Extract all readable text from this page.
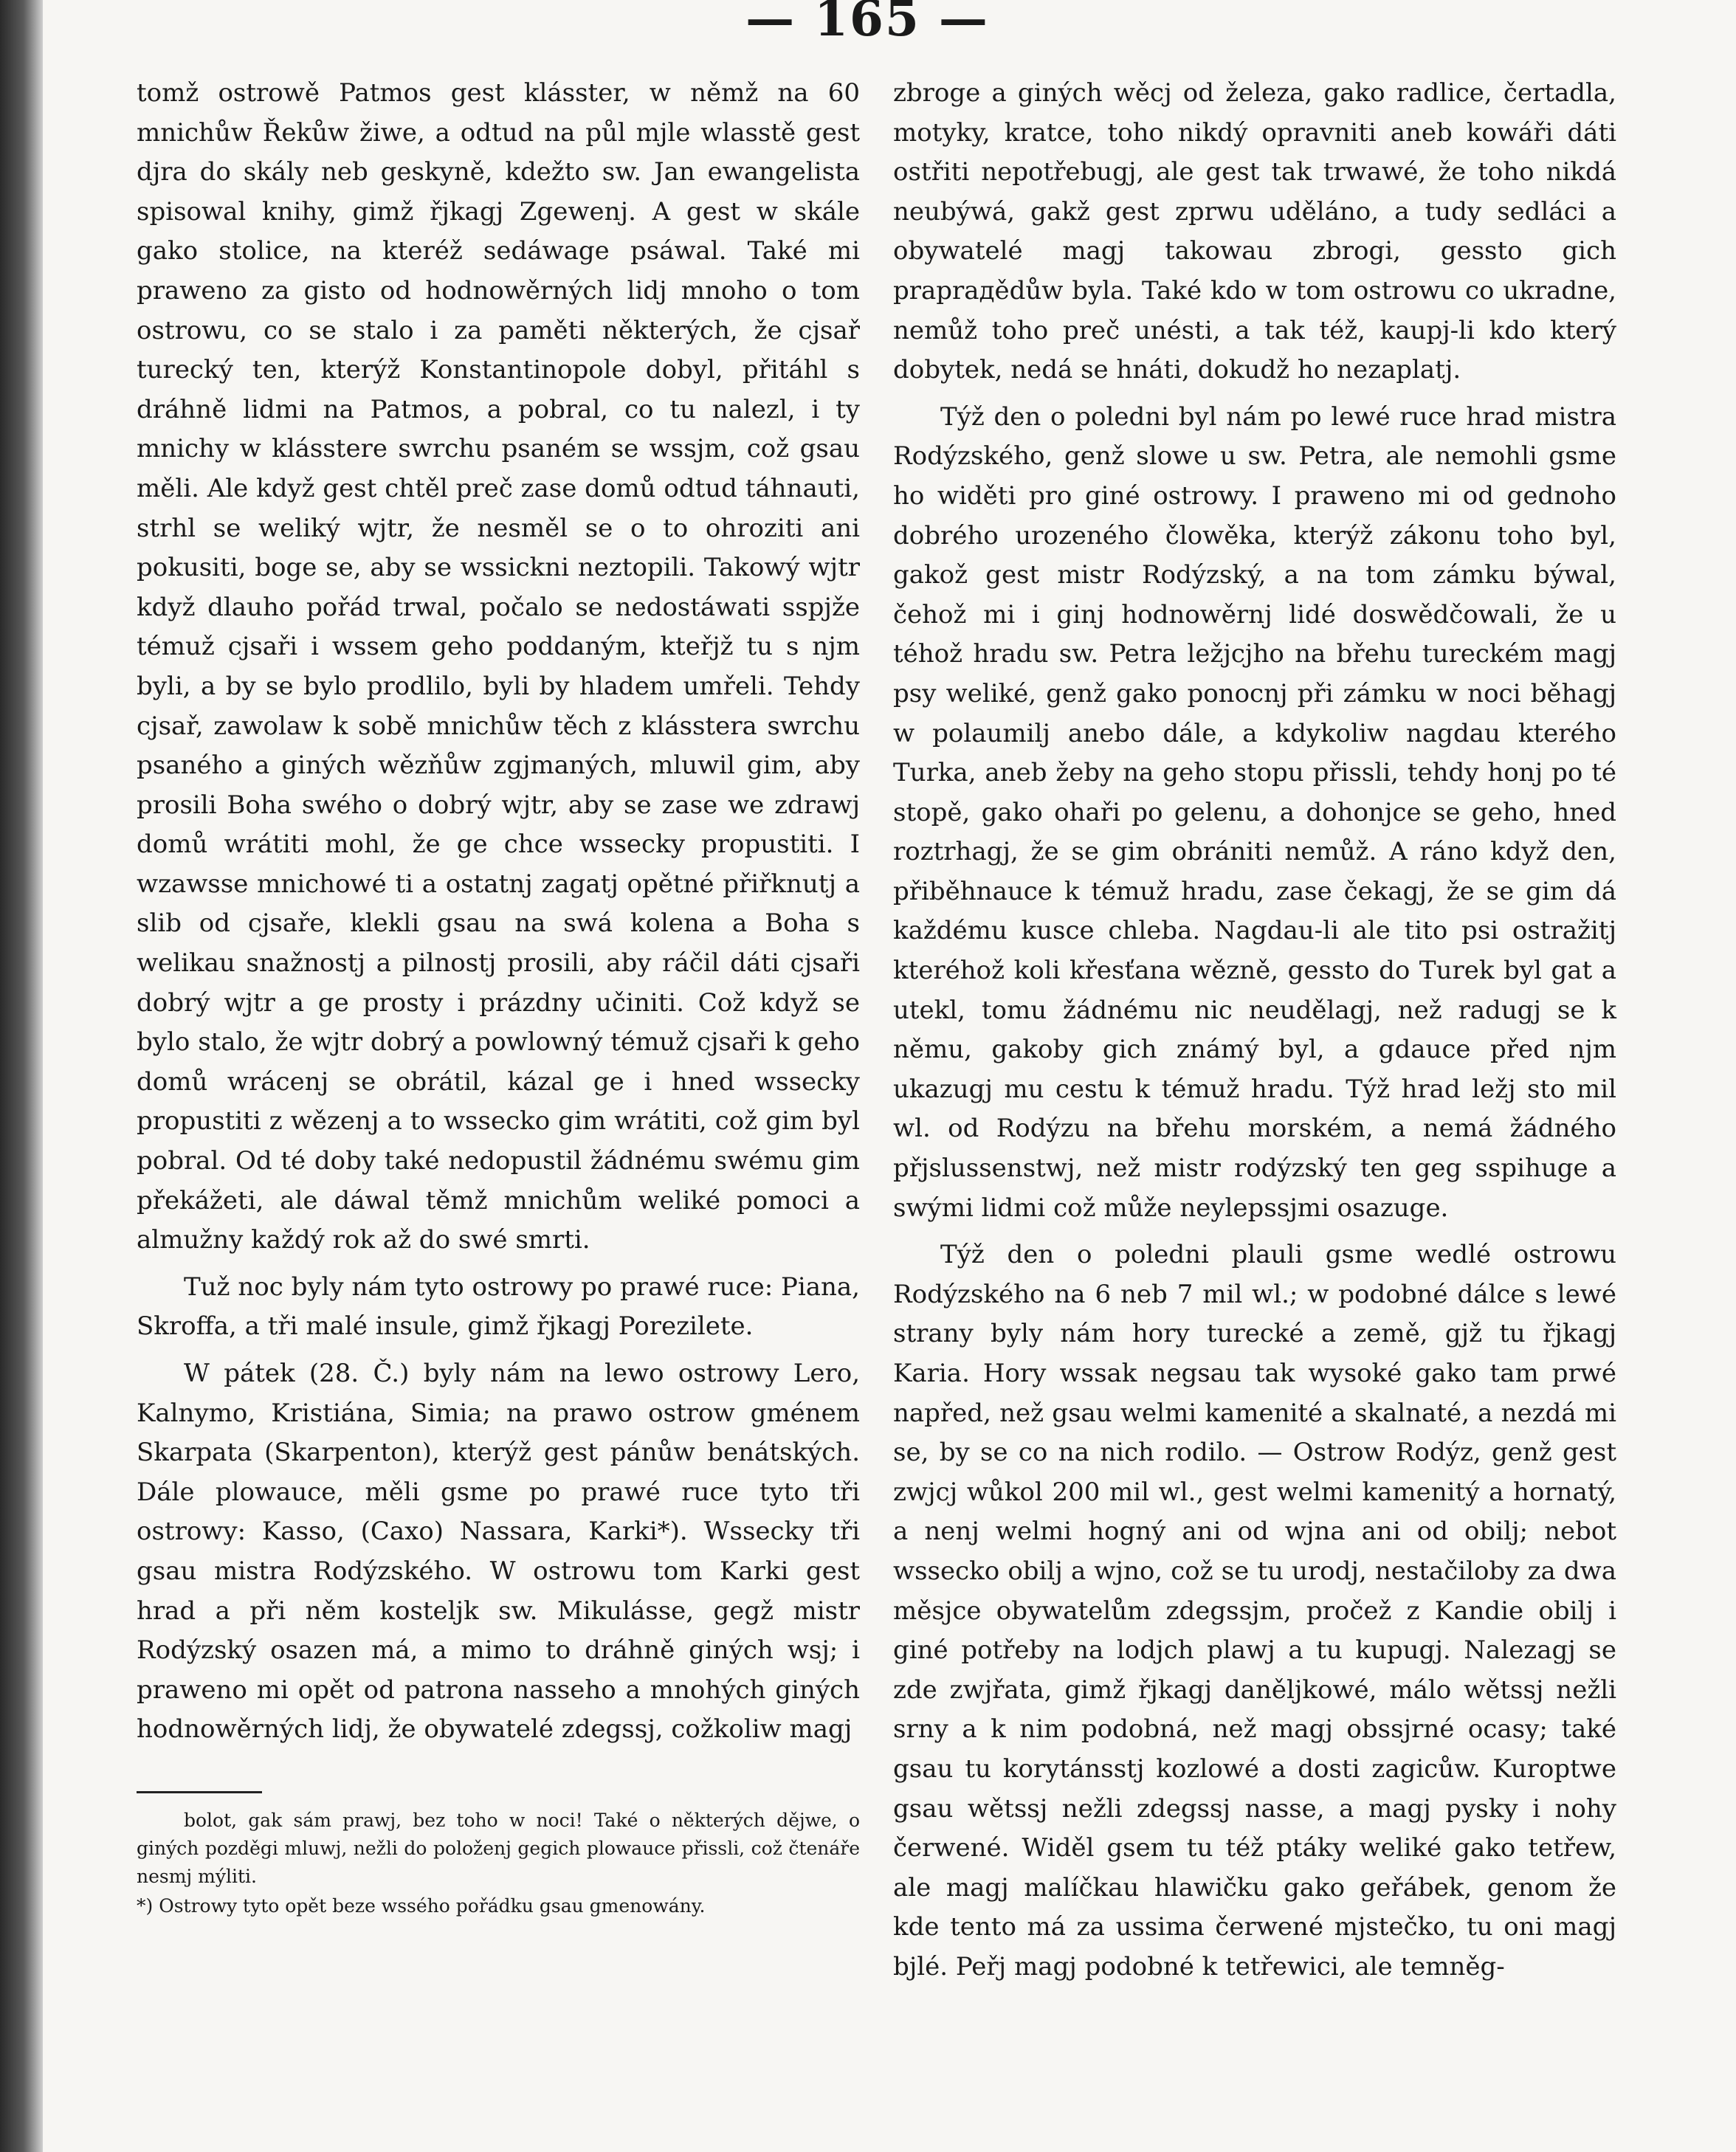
— 165 —

tomž ostrowě Patmos gest klásster, w němž na 60 mnichůw Řekůw žiwe, a odtud na půl mjle wlasstě gest djra do skály neb geskyně, kdežto sw. Jan ewangelista spisowal knihy, gimž řjkagj Zgewenj. A gest w skále gako stolice, na kteréž sedáwage psáwal. Také mi prawenо za gisto od hodnowěrných lidj mnoho o tom ostrowu, co se stalo i za paměti některých, že cjsař turecký ten, kterýž Konstantinopole dobyl, přitáhl s dráhně lidmi na Patmos, a pobral, co tu nalezl, i ty mnichy w klásstere swrchu psaném se wssjm, což gsau měli. Ale když gest chtěl preč zase domů odtud táhnauti, strhl se weliký wjtr, že nesměl se o to ohroziti ani pokusiti, boge se, aby se wssickni neztopili. Takowý wjtr když dlauho pořád trwal, počalo se nedostáwati sspjže témuž cjsaři i wssem geho poddaným, kteřjž tu s njm byli, a by se bylo prodlilo, byli by hladem umřeli. Tehdy cjsař, zawolaw k sobě mnichůw těch z klásstera swrchu psaného a giných wězňůw zgjmaných, mluwil gim, aby prosili Boha swého o dobrý wjtr, aby se zase we zdrawj domů wrátiti mohl, že ge chce wssecky propustiti. I wzawsse mnichowé ti a ostatnj zagatj opětné přiřknutj a slib od cjsaře, klekli gsau na swá kolena a Boha s welikau snažnostj a pilnostj prosili, aby ráčil dáti cjsaři dobrý wjtr a ge prosty i prázdny učiniti. Což když se bylo stalo, že wjtr dobrý a powlowný témuž cjsaři k geho domů wrácenj se obrátil, kázal ge i hned wssecky propustiti z wězenj a to wssecko gim wrátiti, což gim byl pobral. Od té doby také nedopustil žádnému swému gim překážeti, ale dáwal těmž mnichům weliké pomoci a almužny každý rok až do swé smrti.

Tuž noc byly nám tyto ostrowy po prawé ruce: Piana, Skroffa, a tři malé insule, gimž řjkagj Porezilete.

W pátek (28. Č.) byly nám na lewo ostrowy Lero, Kalnymo, Kristiána, Simia; na prawo ostrow gménem Skarpata (Skarpenton), kterýž gest pánůw benátských. Dále plowauce, měli gsme po prawé ruce tyto tři ostrowy: Kasso, (Caxo) Nassara, Karki*). Wssecky tři gsau mistra Rodýzského. W ostrowu tom Karki gest hrad a při něm kosteljk sw. Mikulásse, gegž mistr Rodýzský osazen má, a mimo to dráhně giných wsj; i prawenо mi opět od patrona nasseho a mnohých giných hodnowěrných lidj, že obywatelé zdegssj, cožkoliw magj

bolot, gak sám prawj, bez toho w noci! Také o některých dějwe, o giných pozděgi mluwj, nežli do položenj gegich plowauce přissli, což čtenáře nesmj mýliti.

*) Ostrowy tyto opět beze wssého pořádku gsau gmenowány.

zbroge a giných wěcj od železa, gako radlice, čertadla, motyky, kratce, toho nikdý opravniti aneb kowáři dáti ostřiti nepotřebugj, ale gest tak trwawé, že toho nikdá neubýwá, gakž gest zprwu uděláno, a tudy sedláci a obywatelé magj takowau zbrogi, gessto gich praprадědůw byla. Také kdo w tom ostrowu co ukradne, nemůž toho preč unésti, a tak též, kaupj-li kdo který dobytek, nedá se hnáti, dokudž ho nezaplatj.

Týž den o poledni byl nám po lewé ruce hrad mistra Rodýzského, genž slowe u sw. Petra, ale nemohli gsme ho widěti pro giné ostrowy. I prawenо mi od gednoho dobrého urozeného člowěka, kterýž zákonu toho byl, gakož gest mistr Rodýzský, a na tom zámku býwal, čehož mi i ginj hodnowěrnj lidé doswědčowali, že u téhož hradu sw. Petra ležjcjho na břehu tureckém magj psy weliké, genž gako ponocnj při zámku w noci běhagj w polaumilj anebo dále, a kdykoliw nagdau kterého Turka, aneb žeby na geho stopu přissli, tehdy honj po té stopě, gako ohaři po gelenu, a dohonjce se geho, hned roztrhagj, že se gim obrániti nemůž. A ráno když den, přiběhnauce k témuž hradu, zase čekagj, že se gim dá každému kusce chleba. Nagdau-li ale tito psi ostražitj kteréhož koli křesťana wězně, gessto do Turek byl gat a utekl, tomu žádnému nic neudělagj, než radugj se k němu, gakoby gich známý byl, a gdauce před njm ukazugj mu cestu k témuž hradu. Týž hrad ležj sto mil wl. od Rodýzu na břehu morském, a nemá žádného přjslussenstwj, než mistr rodýzský ten geg sspihuge a swými lidmi což může neylepssjmi osazuge.

Týž den o poledni plauli gsme wedlé ostrowu Rodýzského na 6 neb 7 mil wl.; w podobné dálce s lewé strany byly nám hory turecké a země, gjž tu řjkagj Karia. Hory wssak negsau tak wysoké gako tam prwé napřed, než gsau welmi kamenité a skalnaté, a nezdá mi se, by se co na nich rodilo. — Ostrow Rodýz, genž gest zwjcj wůkol 200 mil wl., gest welmi kamenitý a hornatý, a nenj welmi hogný ani od wjna ani od obilj; nebot wssecko obilj a wjno, což se tu urodj, nestačiloby za dwa měsjce obywatelům zdegssjm, pročež z Kandie obilj i giné potřeby na lodjch plawj a tu kupugj. Nalezagj se zde zwjřata, gimž řjkagj daněljkowé, málo wětssj nežli srny a k nim podobná, než magj obssjrné ocasy; také gsau tu korytánsstj kozlowé a dosti zagicůw. Kuroptwe gsau wětssj nežli zdegssj nasse, a magj pysky i nohy čerwené. Widěl gsem tu též ptáky weliké gako tetřew, ale magj malíčkau hlawičku gako geřábek, genom že kde tento má za ussima čerwené mjstečko, tu oni magj bjlé. Peřj magj podobné k tetřewici, ale temněg-
